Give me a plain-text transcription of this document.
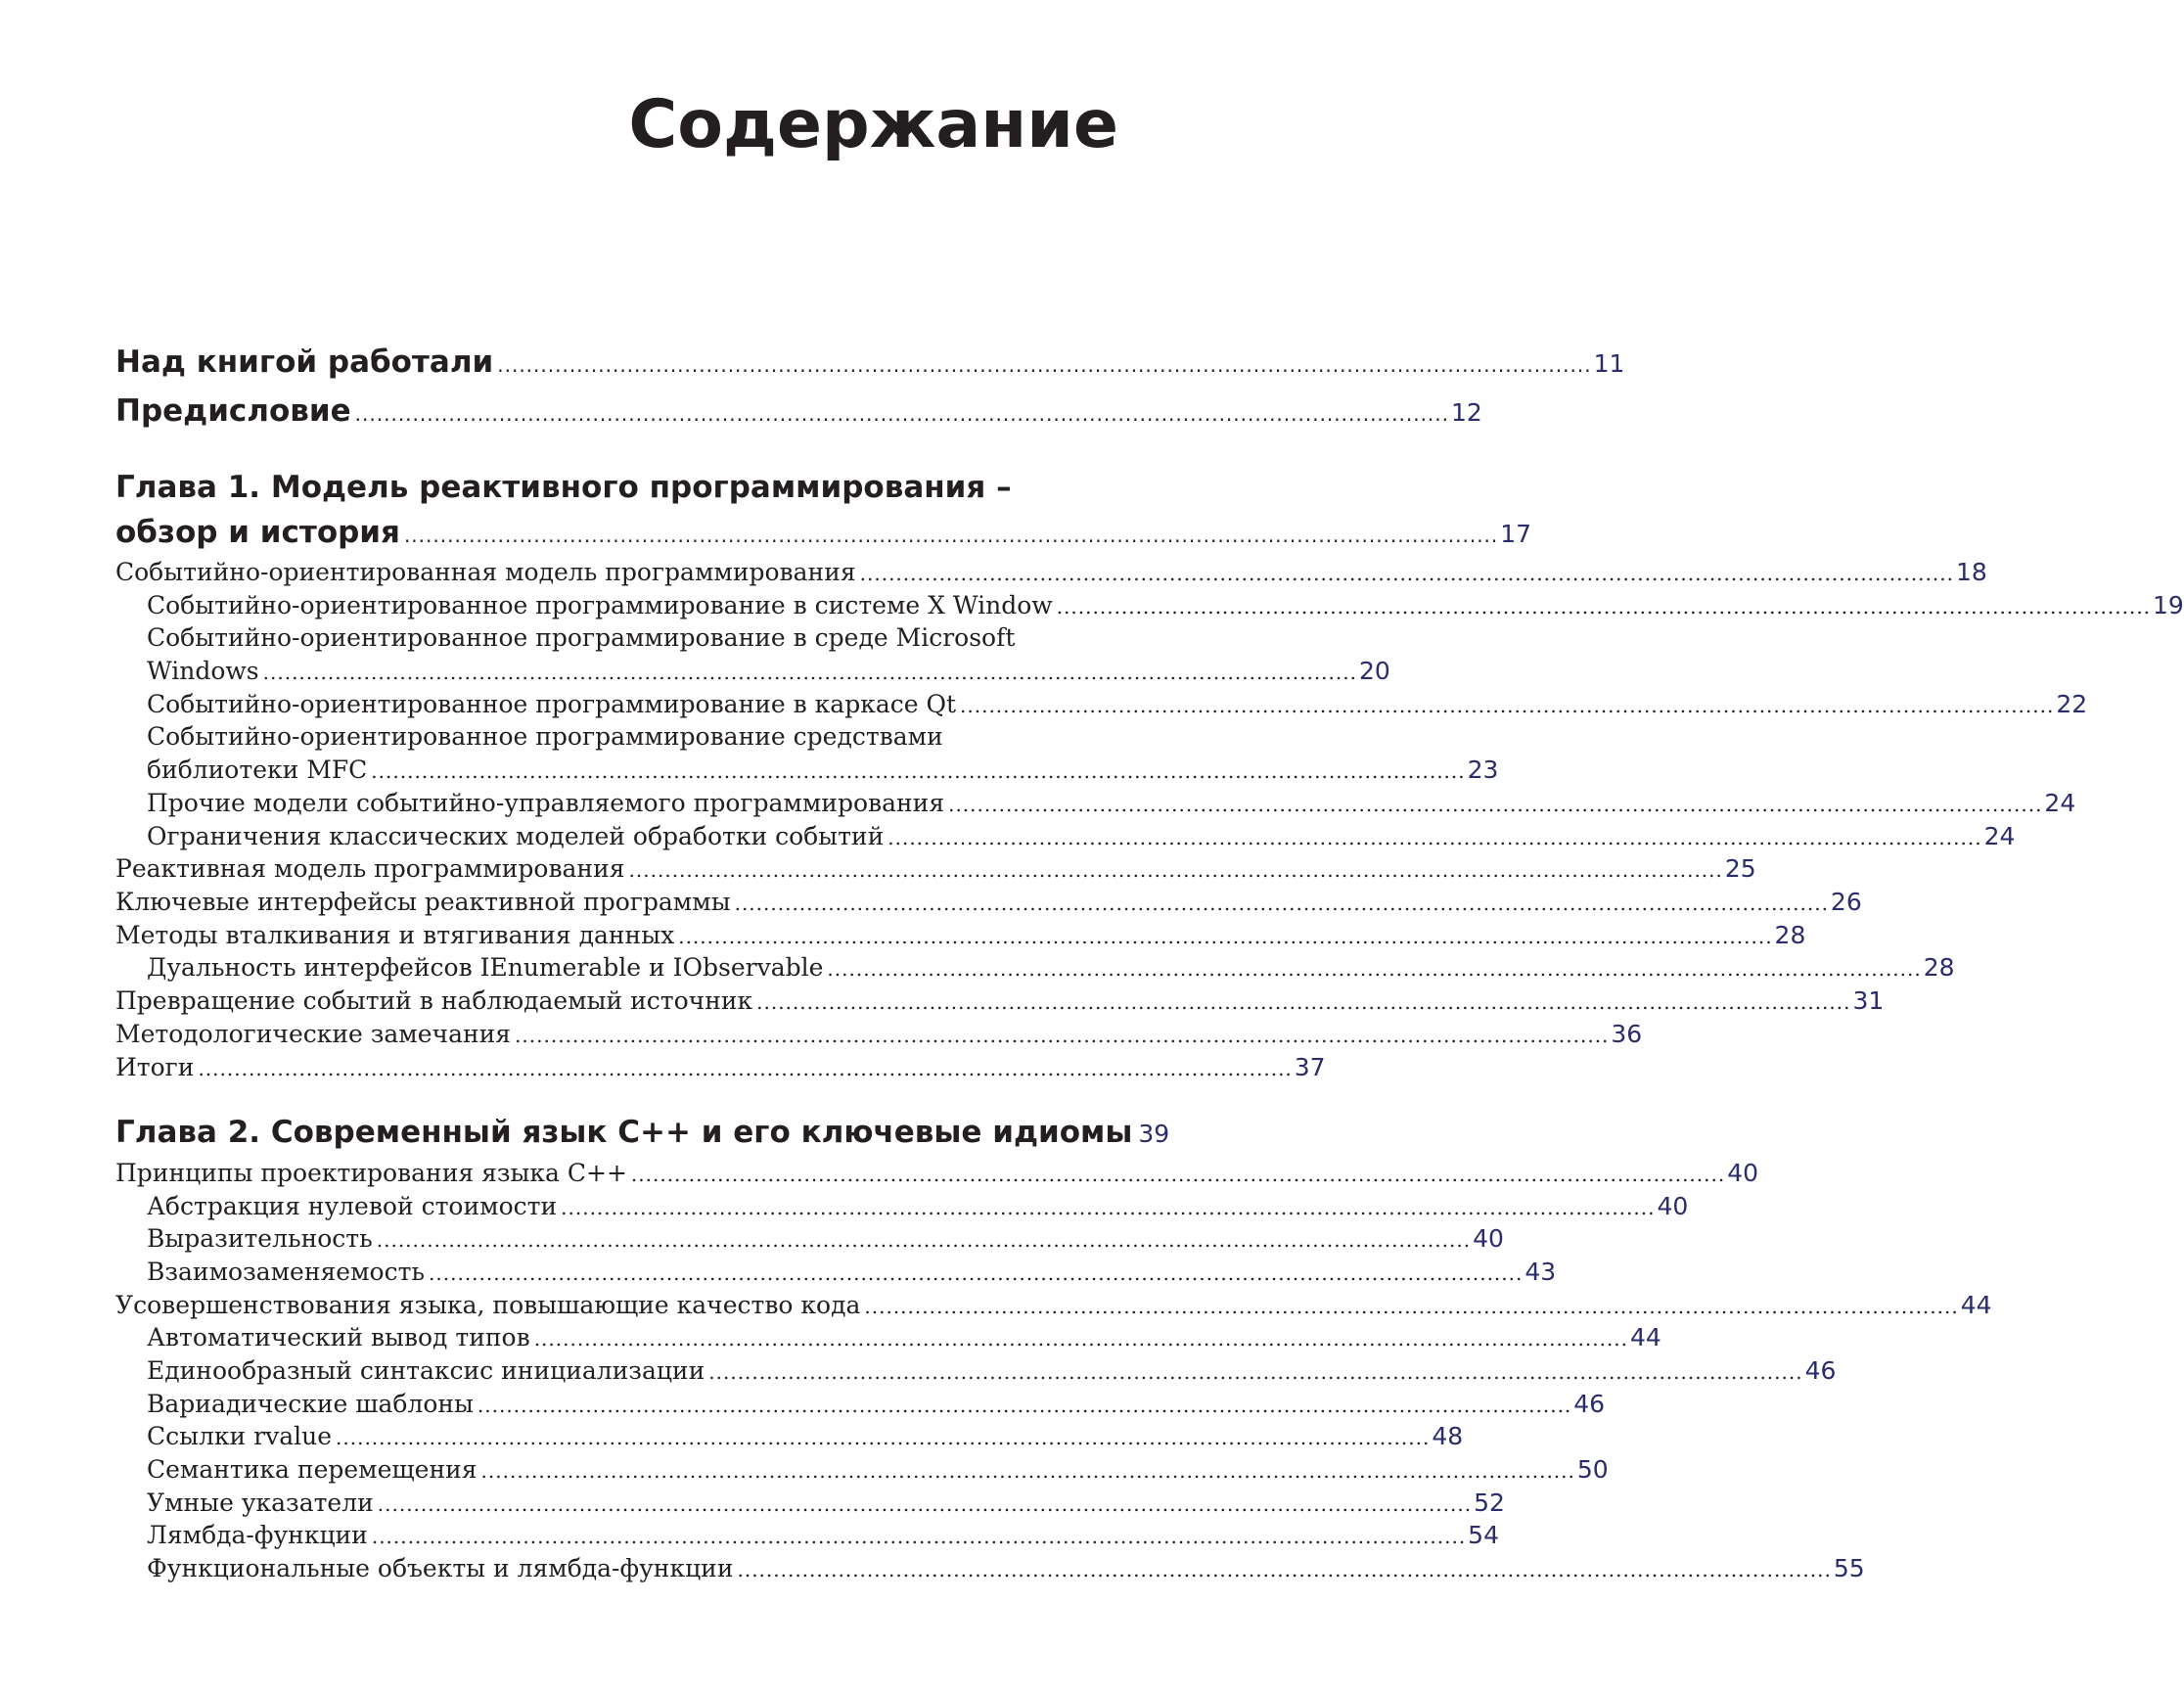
Содержание
Над книгой работали ........................................................................................................................................................ 11
Предисловие ........................................................................................................................................................ 12
Глава 1. Модель реактивного программирования –
обзор и история ........................................................................................................................................................ 17
Событийно-ориентированная модель программирования ........................................................................................................................................................ 18
Событийно-ориентированное программирование в системе X Window ........................................................................................................................................................ 19
Событийно-ориентированное программирование в среде Microsoft
Windows ........................................................................................................................................................ 20
Событийно-ориентированное программирование в каркасе Qt ........................................................................................................................................................ 22
Событийно-ориентированное программирование средствами
библиотеки MFC ........................................................................................................................................................ 23
Прочие модели событийно-управляемого программирования ........................................................................................................................................................ 24
Ограничения классических моделей обработки событий ........................................................................................................................................................ 24
Реактивная модель программирования ........................................................................................................................................................ 25
Ключевые интерфейсы реактивной программы ........................................................................................................................................................ 26
Методы вталкивания и втягивания данных ........................................................................................................................................................ 28
Дуальность интерфейсов IEnumerable и IObservable ........................................................................................................................................................ 28
Превращение событий в наблюдаемый источник ........................................................................................................................................................ 31
Методологические замечания ........................................................................................................................................................ 36
Итоги ........................................................................................................................................................ 37
Глава 2. Современный язык C++ и его ключевые идиомы 39
Принципы проектирования языка C++ ........................................................................................................................................................ 40
Абстракция нулевой стоимости ........................................................................................................................................................ 40
Выразительность ........................................................................................................................................................ 40
Взаимозаменяемость ........................................................................................................................................................ 43
Усовершенствования языка, повышающие качество кода ........................................................................................................................................................ 44
Автоматический вывод типов ........................................................................................................................................................ 44
Единообразный синтаксис инициализации ........................................................................................................................................................ 46
Вариадические шаблоны ........................................................................................................................................................ 46
Ссылки rvalue ........................................................................................................................................................ 48
Семантика перемещения ........................................................................................................................................................ 50
Умные указатели ........................................................................................................................................................ 52
Лямбда-функции ........................................................................................................................................................ 54
Функциональные объекты и лямбда-функции ........................................................................................................................................................ 55
